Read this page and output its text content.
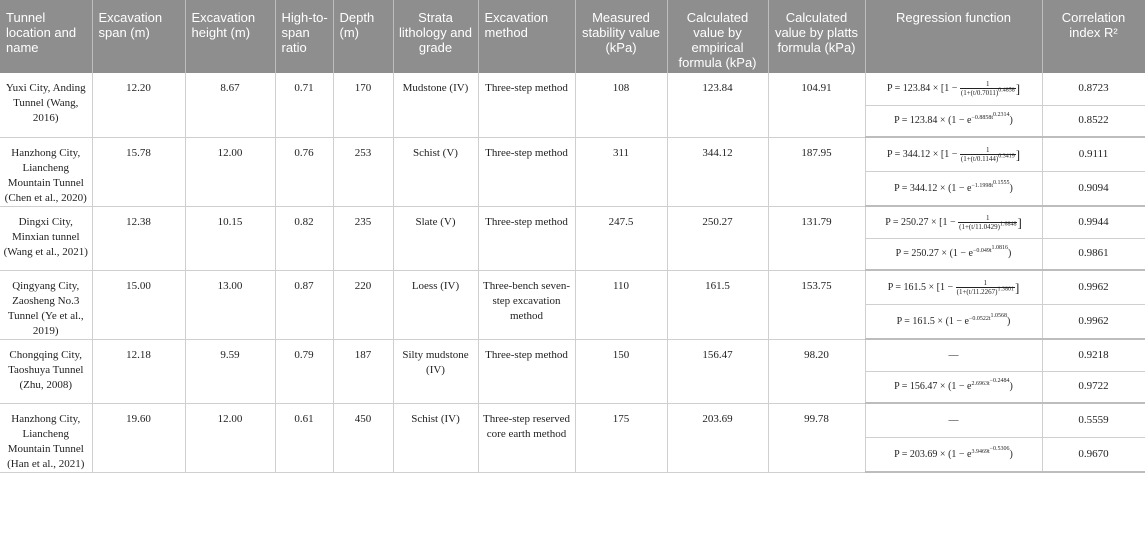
Tunnel location and name	Excavation span (m)	Excavation height (m)	High-to-span ratio	Depth (m)	Strata lithology and grade	Excavation method	Measured stability value (kPa)	Calculated value by empirical formula (kPa)	Calculated value by platts formula (kPa)	Regression function	Correlation index R²
Yuxi City, Anding Tunnel (Wang, 2016)	12.20	8.67	0.71	170	Mudstone (IV)	Three-step method	108	123.84	104.91	$P = 123.84 \times [1 - \frac{1}{(1+(t/0.7011)^{0.4858}}$ ]	0.8723
										$P = 123.84 \times (1 - e^{-0.8858t^{0.2314}})$	0.8522
Hanzhong City, Liancheng Mountain Tunnel (Chen et al., 2020)	15.78	12.00	0.76	253	Schist (V)	Three-step method	311	344.12	187.95	$P = 344.12 \times [1 - \frac{1}{(1+(t/0.1144)^{0.3419}}$ ]	0.9111
										$P = 344.12 \times (1 - e^{-1.1998t^{0.1555}})$	0.9094
Dingxi City, Minxian tunnel (Wang et al., 2021)	12.38	10.15	0.82	235	Slate (V)	Three-step method	247.5	250.27	131.79	$P = 250.27 \times [1 - \frac{1}{(1+(t/11.0429)^{1.6848}}$ ]	0.9944
										$P = 250.27 \times (1 - e^{-0.049t^{1.0816}})$	0.9861
Qingyang City, Zaosheng No.3 Tunnel (Ye et al., 2019)	15.00	13.00	0.87	220	Loess (IV)	Three-bench seven-step excavation method	110	161.5	153.75	$P = 161.5 \times [1 - \frac{1}{(1+(t/11.2267)^{1.3801}}$ ]	0.9962
										$P = 161.5 \times (1 - e^{-0.0522t^{1.0568}})$	0.9962
Chongqing City, Taoshuya Tunnel (Zhu, 2008)	12.18	9.59	0.79	187	Silty mudstone (IV)	Three-step method	150	156.47	98.20	—	0.9218
										$P = 156.47 \times (1 - e^{2.6963t^{-0.2484}})$	0.9722
Hanzhong City, Liancheng Mountain Tunnel (Han et al., 2021)	19.60	12.00	0.61	450	Schist (IV)	Three-step reserved core earth method	175	203.69	99.78	—	0.5559
										$P = 203.69 \times (1 - e^{3.9469t^{-0.5306}})$	0.9670
